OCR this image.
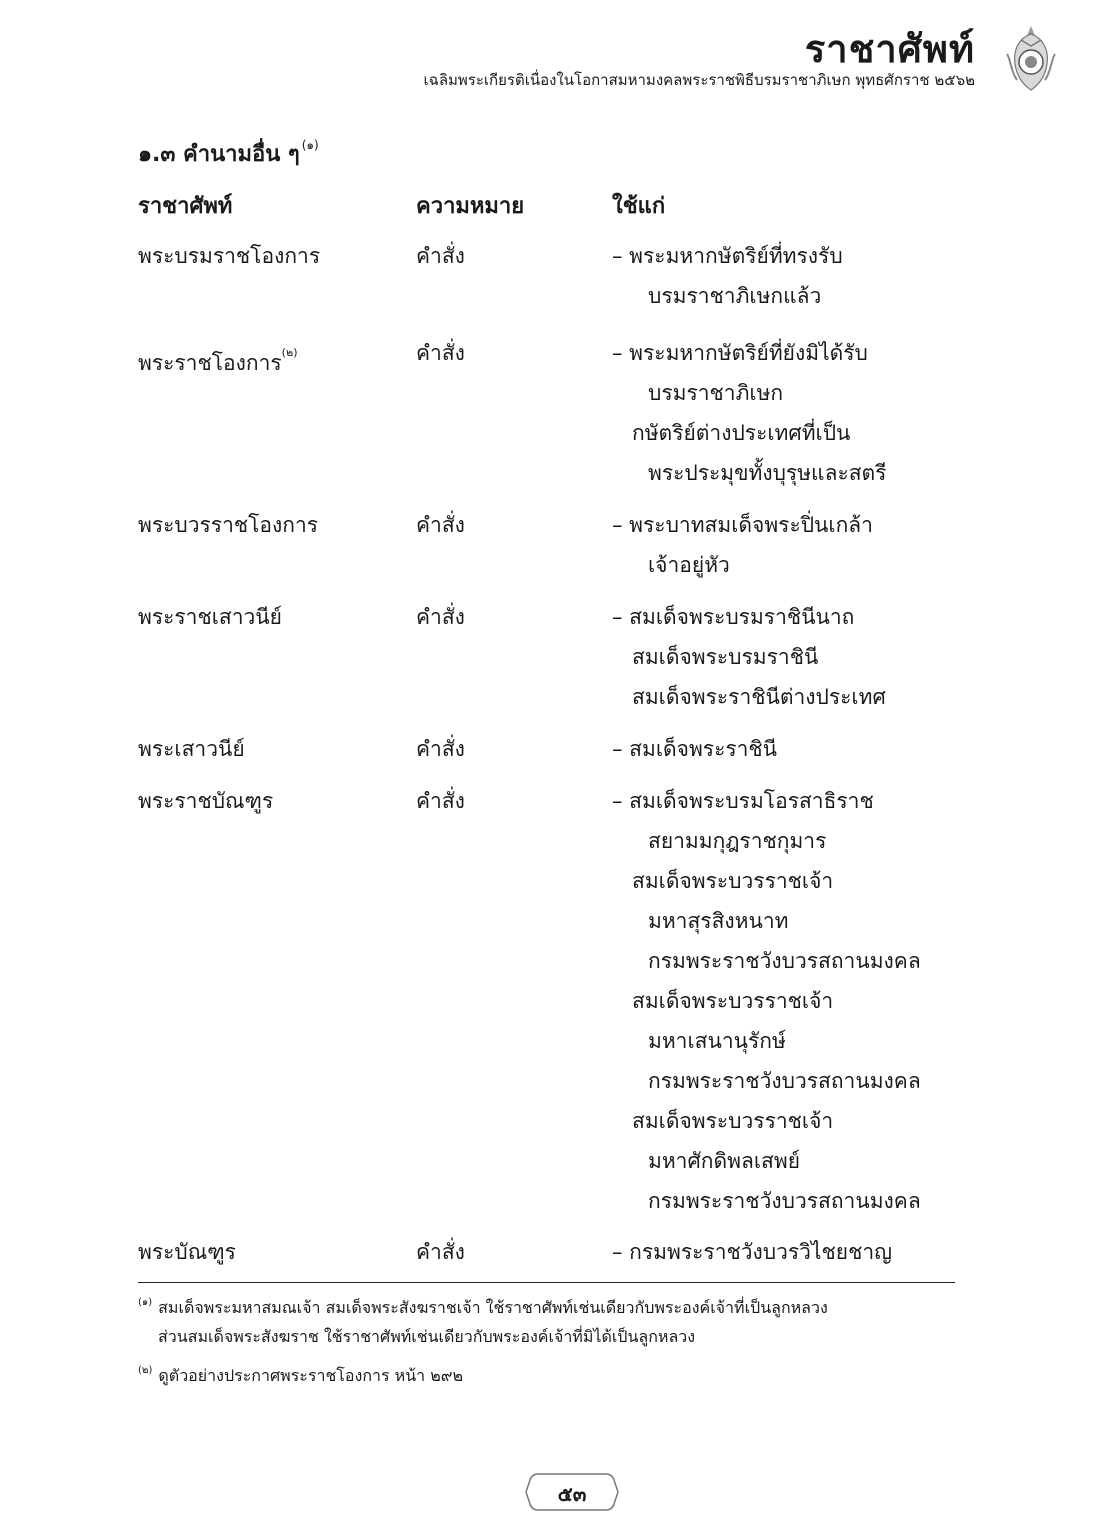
ราชาศัพท์
เฉลิมพระเกียรติเนื่องในโอกาสมหามงคลพระราชพิธีบรมราชาภิเษก พุทธศักราช ๒๕๖๒
๑.๓ คำนามอื่น ๆ $^{(๑)}$
ราชาศัพท์	ความหมาย	ใช้แก่
พระบรมราชโองการ	คำสั่ง	– พระมหากษัตริย์ที่ทรงรับ
บรมราชาภิเษกแล้ว
พระราชโองการ$^{(๒)}$	คำสั่ง	– พระมหากษัตริย์ที่ยังมิได้รับ
บรมราชาภิเษก
กษัตริย์ต่างประเทศที่เป็น
พระประมุขทั้งบุรุษและสตรี
พระบวรราชโองการ	คำสั่ง	– พระบาทสมเด็จพระปิ่นเกล้า
เจ้าอยู่หัว
พระราชเสาวนีย์	คำสั่ง	– สมเด็จพระบรมราชินีนาถ
สมเด็จพระบรมราชินี
สมเด็จพระราชินีต่างประเทศ
พระเสาวนีย์	คำสั่ง	– สมเด็จพระราชินี
พระราชบัณฑูร	คำสั่ง	– สมเด็จพระบรมโอรสาธิราช
สยามมกุฎราชกุมาร
สมเด็จพระบวรราชเจ้า
มหาสุรสิงหนาท
กรมพระราชวังบวรสถานมงคล
สมเด็จพระบวรราชเจ้า
มหาเสนานุรักษ์
กรมพระราชวังบวรสถานมงคล
สมเด็จพระบวรราชเจ้า
มหาศักดิพลเสพย์
กรมพระราชวังบวรสถานมงคล
พระบัณฑูร	คำสั่ง	– กรมพระราชวังบวรวิไชยชาญ
$^{(๑)}$ สมเด็จพระมหาสมณเจ้า สมเด็จพระสังฆราชเจ้า ใช้ราชาศัพท์เช่นเดียวกับพระองค์เจ้าที่เป็นลูกหลวง
ส่วนสมเด็จพระสังฆราช ใช้ราชาศัพท์เช่นเดียวกับพระองค์เจ้าที่มิได้เป็นลูกหลวง
$^{(๒)}$ ดูตัวอย่างประกาศพระราชโองการ หน้า ๒๙๒
๕๓
